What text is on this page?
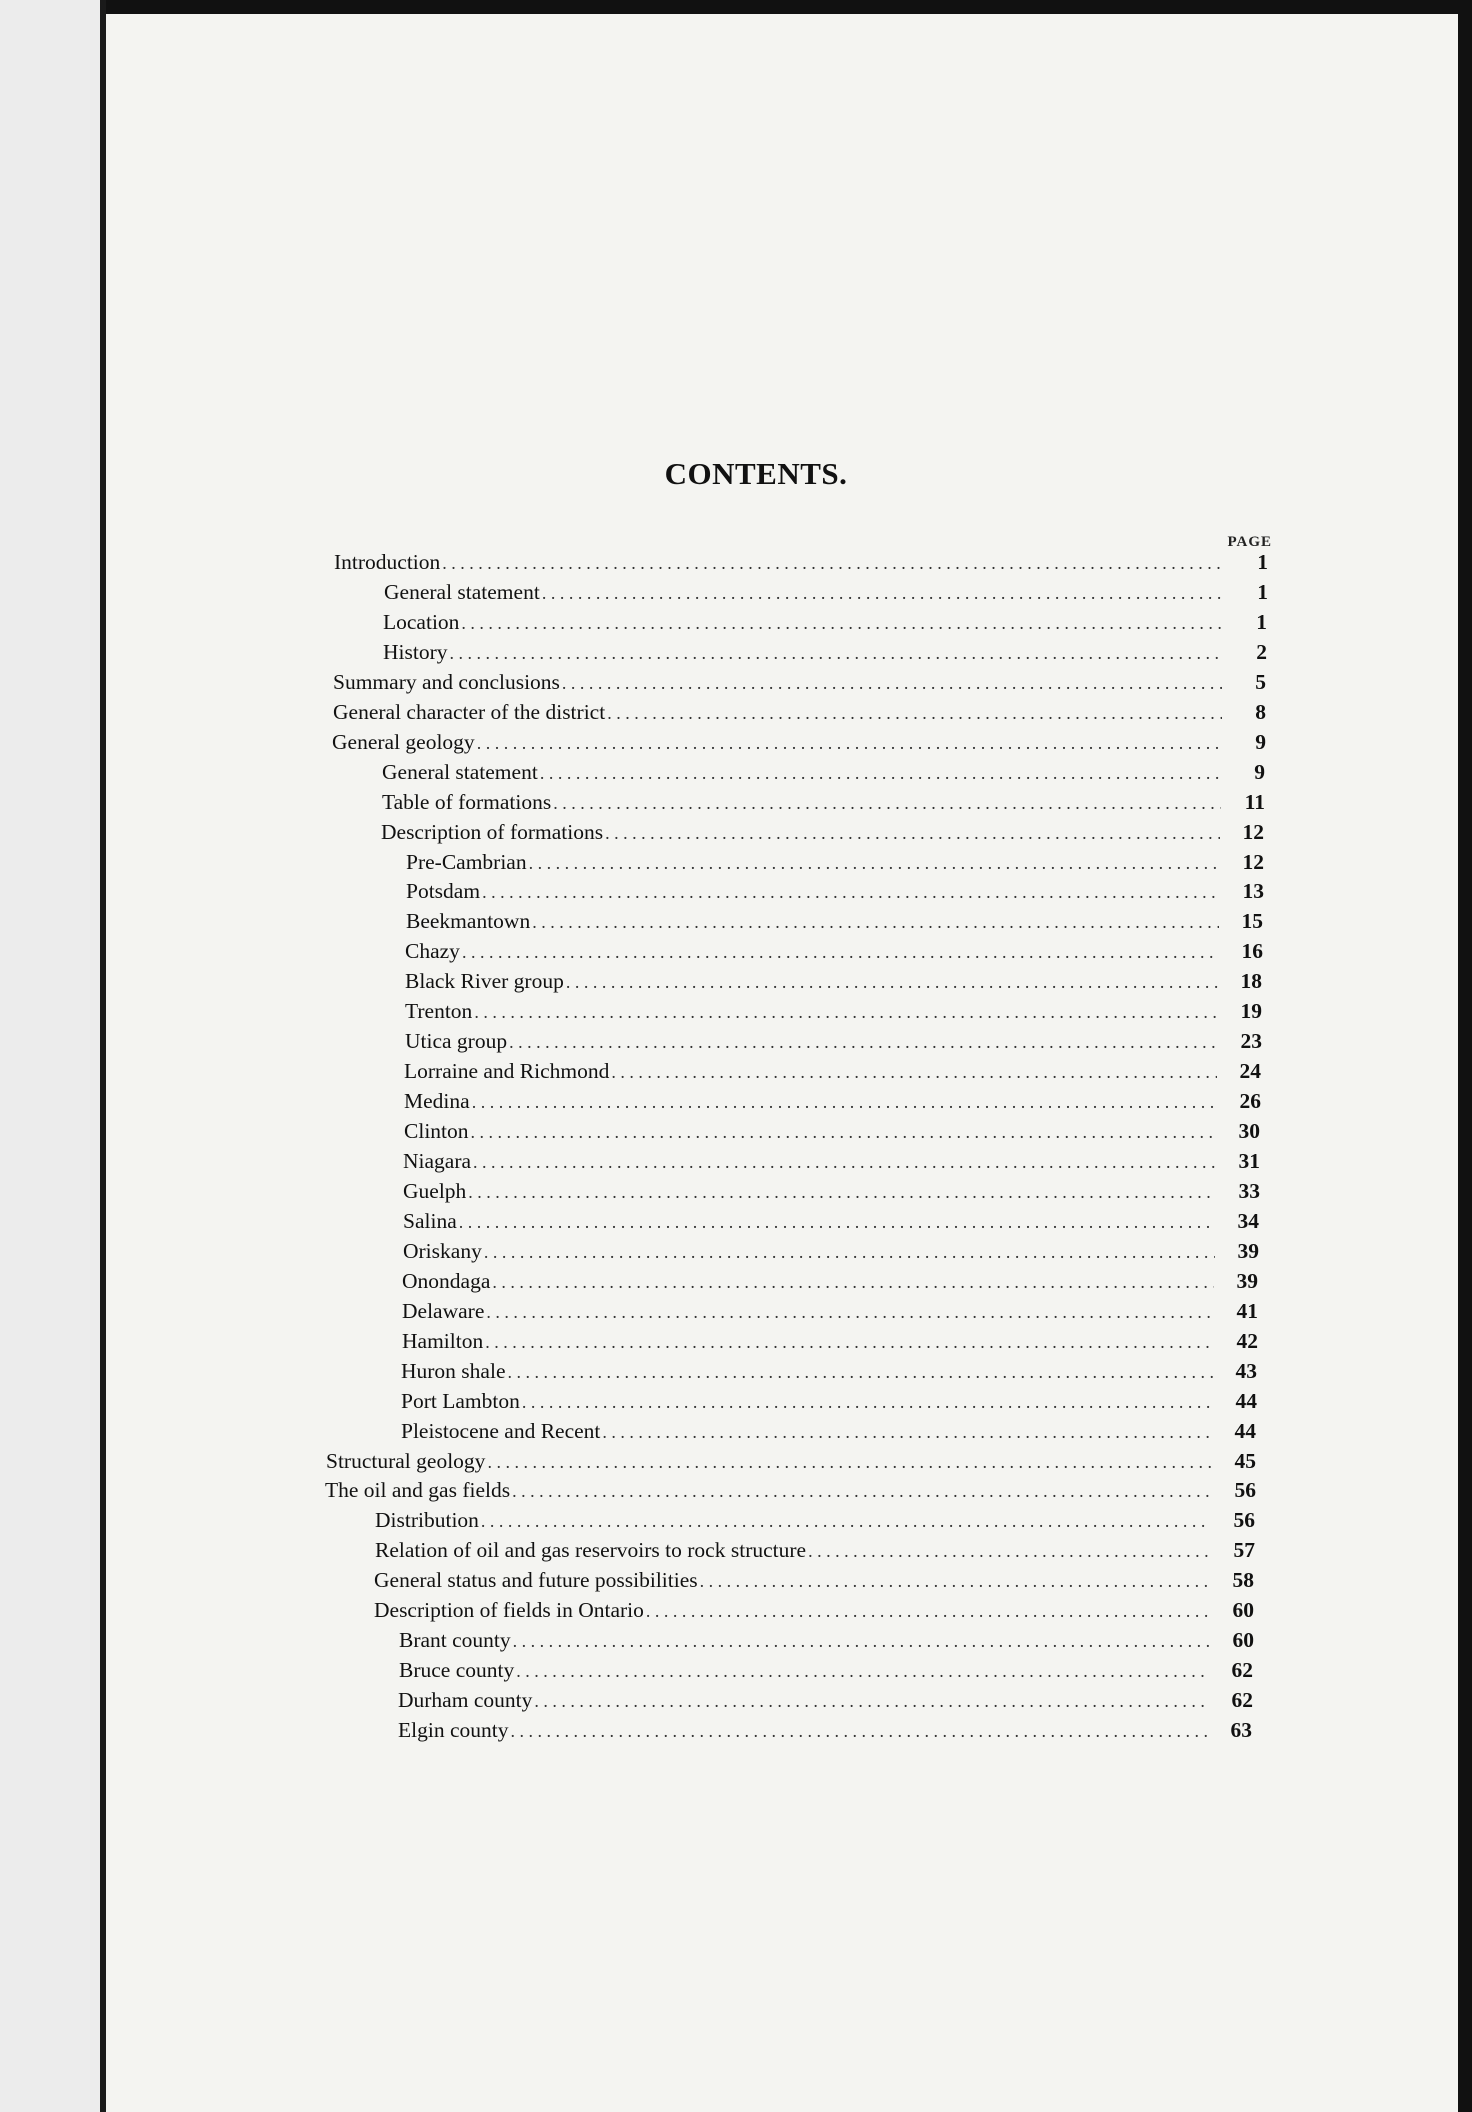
CONTENTS.
PAGE
Introduction . . .	1
General statement . . .	1
Location . . .	1
History . . .	2
Summary and conclusions . . .	5
General character of the district . . .	8
General geology . . .	9
General statement . . .	9
Table of formations . . .	11
Description of formations . . .	12
Pre-Cambrian . . .	12
Potsdam . . .	13
Beekmantown . . .	15
Chazy . . .	16
Black River group . . .	18
Trenton . . .	19
Utica group . . .	23
Lorraine and Richmond . . .	24
Medina . . .	26
Clinton . . .	30
Niagara . . .	31
Guelph . . .	33
Salina . . .	34
Oriskany . . .	39
Onondaga . . .	39
Delaware . . .	41
Hamilton . . .	42
Huron shale . . .	43
Port Lambton . . .	44
Pleistocene and Recent . . .	44
Structural geology . . .	45
The oil and gas fields . . .	56
Distribution . . .	56
Relation of oil and gas reservoirs to rock structure . . .	57
General status and future possibilities . . .	58
Description of fields in Ontario . . .	60
Brant county . . .	60
Bruce county . . .	62
Durham county . . .	62
Elgin county . . .	63
